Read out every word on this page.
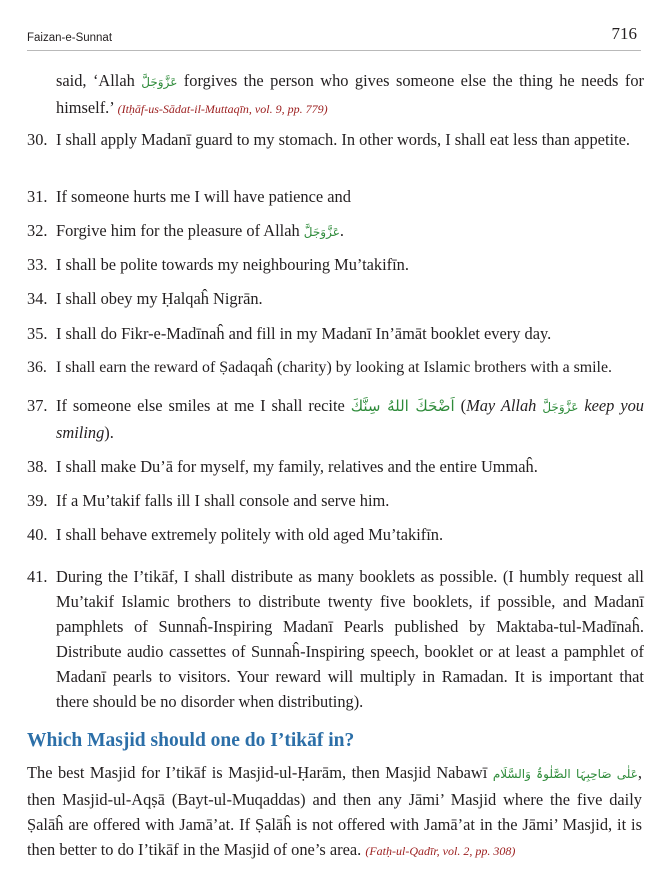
Faizan-e-Sunnat	716
said, ‘Allah عَزَّوَجَلَّ forgives the person who gives someone else the thing he needs for himself.’ (Itḥāf-us-Sādat-il-Muttaqīn, vol. 9, pp. 779)
30. I shall apply Madanī guard to my stomach. In other words, I shall eat less than appetite.
31. If someone hurts me I will have patience and
32. Forgive him for the pleasure of Allah عَزَّوَجَلَّ.
33. I shall be polite towards my neighbouring Mu’takifīn.
34. I shall obey my Ḥalqaĥ Nigrān.
35. I shall do Fikr-e-Madīnaĥ and fill in my Madanī In’āmāt booklet every day.
36. I shall earn the reward of Ṣadaqaĥ (charity) by looking at Islamic brothers with a smile.
37. If someone else smiles at me I shall recite اَضْحَكَ اللهُ سِنَّكَ (May Allah عَزَّوَجَلَّ keep you smiling).
38. I shall make Du’ā for myself, my family, relatives and the entire Ummaĥ.
39. If a Mu’takif falls ill I shall console and serve him.
40. I shall behave extremely politely with old aged Mu’takifīn.
41. During the I’tikāf, I shall distribute as many booklets as possible. (I humbly request all Mu’takif Islamic brothers to distribute twenty five booklets, if possible, and Madanī pamphlets of Sunnaĥ-Inspiring Madanī Pearls published by Maktaba-tul-Madīnaĥ. Distribute audio cassettes of Sunnaĥ-Inspiring speech, booklet or at least a pamphlet of Madanī pearls to visitors. Your reward will multiply in Ramadan. It is important that there should be no disorder when distributing).
Which Masjid should one do I’tikāf in?
The best Masjid for I’tikāf is Masjid-ul-Ḥarām, then Masjid Nabawī عَلٰی صَاحِبِہَا الصَّلٰوۃُ وَالسَّلَام, then Masjid-ul-Aqṣā (Bayt-ul-Muqaddas) and then any Jāmi’ Masjid where the five daily Ṣalāĥ are offered with Jamā’at. If Ṣalāĥ is not offered with Jamā’at in the Jāmi’ Masjid, it is then better to do I’tikāf in the Masjid of one’s area. (Fatḥ-ul-Qadīr, vol. 2, pp. 308)
